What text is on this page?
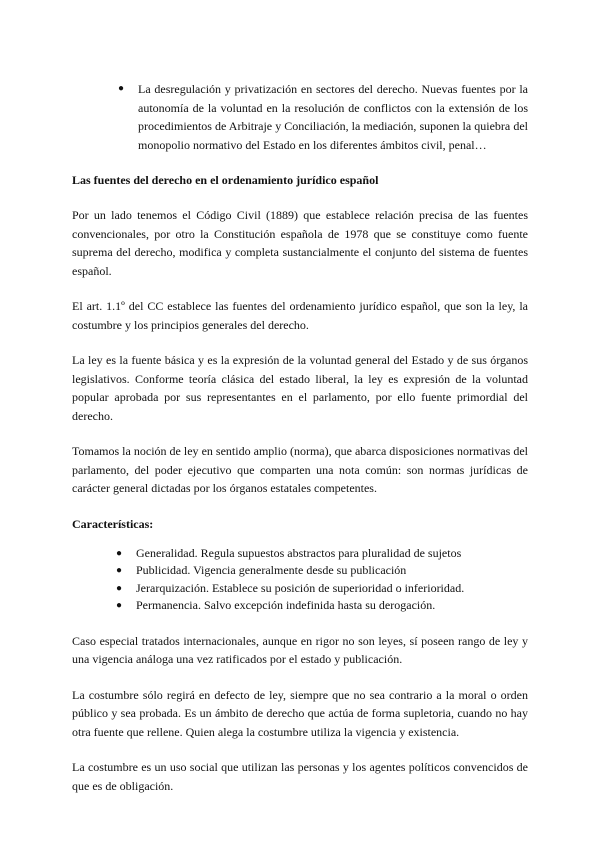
● La desregulación y privatización en sectores del derecho. Nuevas fuentes por la autonomía de la voluntad en la resolución de conflictos con la extensión de los procedimientos de Arbitraje y Conciliación, la mediación, suponen la quiebra del monopolio normativo del Estado en los diferentes ámbitos civil, penal…
Las fuentes del derecho en el ordenamiento jurídico español

Por un lado tenemos el Código Civil (1889) que establece relación precisa de las fuentes convencionales, por otro la Constitución española de 1978 que se constituye como fuente suprema del derecho, modifica y completa sustancialmente el conjunto del sistema de fuentes español.

El art. 1.1º del CC establece las fuentes del ordenamiento jurídico español, que son la ley, la costumbre y los principios generales del derecho.

La ley es la fuente básica y es la expresión de la voluntad general del Estado y de sus órganos legislativos. Conforme teoría clásica del estado liberal, la ley es expresión de la voluntad popular aprobada por sus representantes en el parlamento, por ello fuente primordial del derecho.

Tomamos la noción de ley en sentido amplio (norma), que abarca disposiciones normativas del parlamento, del poder ejecutivo que comparten una nota común: son normas jurídicas de carácter general dictadas por los órganos estatales competentes.

Características:
● Generalidad. Regula supuestos abstractos para pluralidad de sujetos
● Publicidad. Vigencia generalmente desde su publicación
● Jerarquización. Establece su posición de superioridad o inferioridad.
● Permanencia. Salvo excepción indefinida hasta su derogación.

Caso especial tratados internacionales, aunque en rigor no son leyes, sí poseen rango de ley y una vigencia análoga una vez ratificados por el estado y publicación.

La costumbre sólo regirá en defecto de ley, siempre que no sea contrario a la moral o orden público y sea probada. Es un ámbito de derecho que actúa de forma supletoria, cuando no hay otra fuente que rellene. Quien alega la costumbre utiliza la vigencia y existencia.

La costumbre es un uso social que utilizan las personas y los agentes políticos convencidos de que es de obligación.
